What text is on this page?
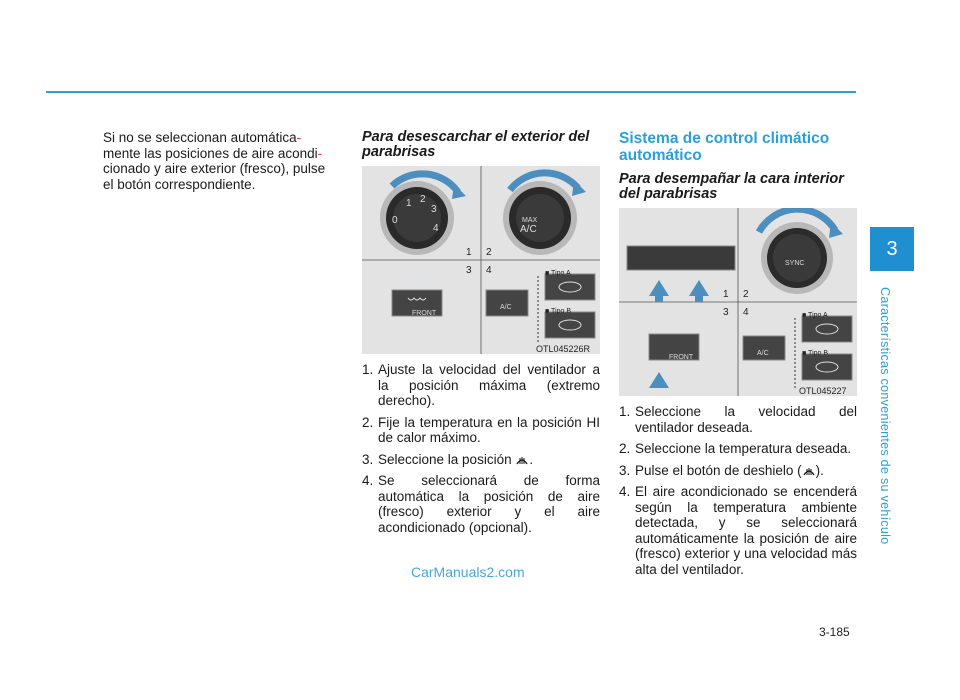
Si no se seleccionan automática-

mente las posiciones de aire acondi-

cionado y aire exterior (fresco), pulse

el botón correspondiente.

Para desescarchar el exterior del parabrisas
0
1 2
3
4
MAX
A/C
1 2
3 4
FRONT
A/C
■ Tipo A
■ Tipo B
OTL045226R
1. Ajuste la velocidad del ventilador a la posición máxima (extremo derecho).
2. Fije la temperatura en la posición HI de calor máximo.
3. Seleccione la posición .
4. Se seleccionará de forma automática la posición de aire (fresco) exterior y el aire acondicionado (opcional).
Sistema de control climático automático
Para desempañar la cara interior del parabrisas
1 2
3 4
SYNC
FRONT
A/C
■ Tipo A
■ Tipo B
OTL045227
1. Seleccione la velocidad del ventilador deseada.
2. Seleccione la temperatura deseada.
3. Pulse el botón de deshielo ( ).
4. El aire acondicionado se encenderá según la temperatura ambiente detectada, y se seleccionará automáticamente la posición de aire (fresco) exterior y una velocidad más alta del ventilador.
CarManuals2.com
3
Características convenientes de su vehículo
3-185
